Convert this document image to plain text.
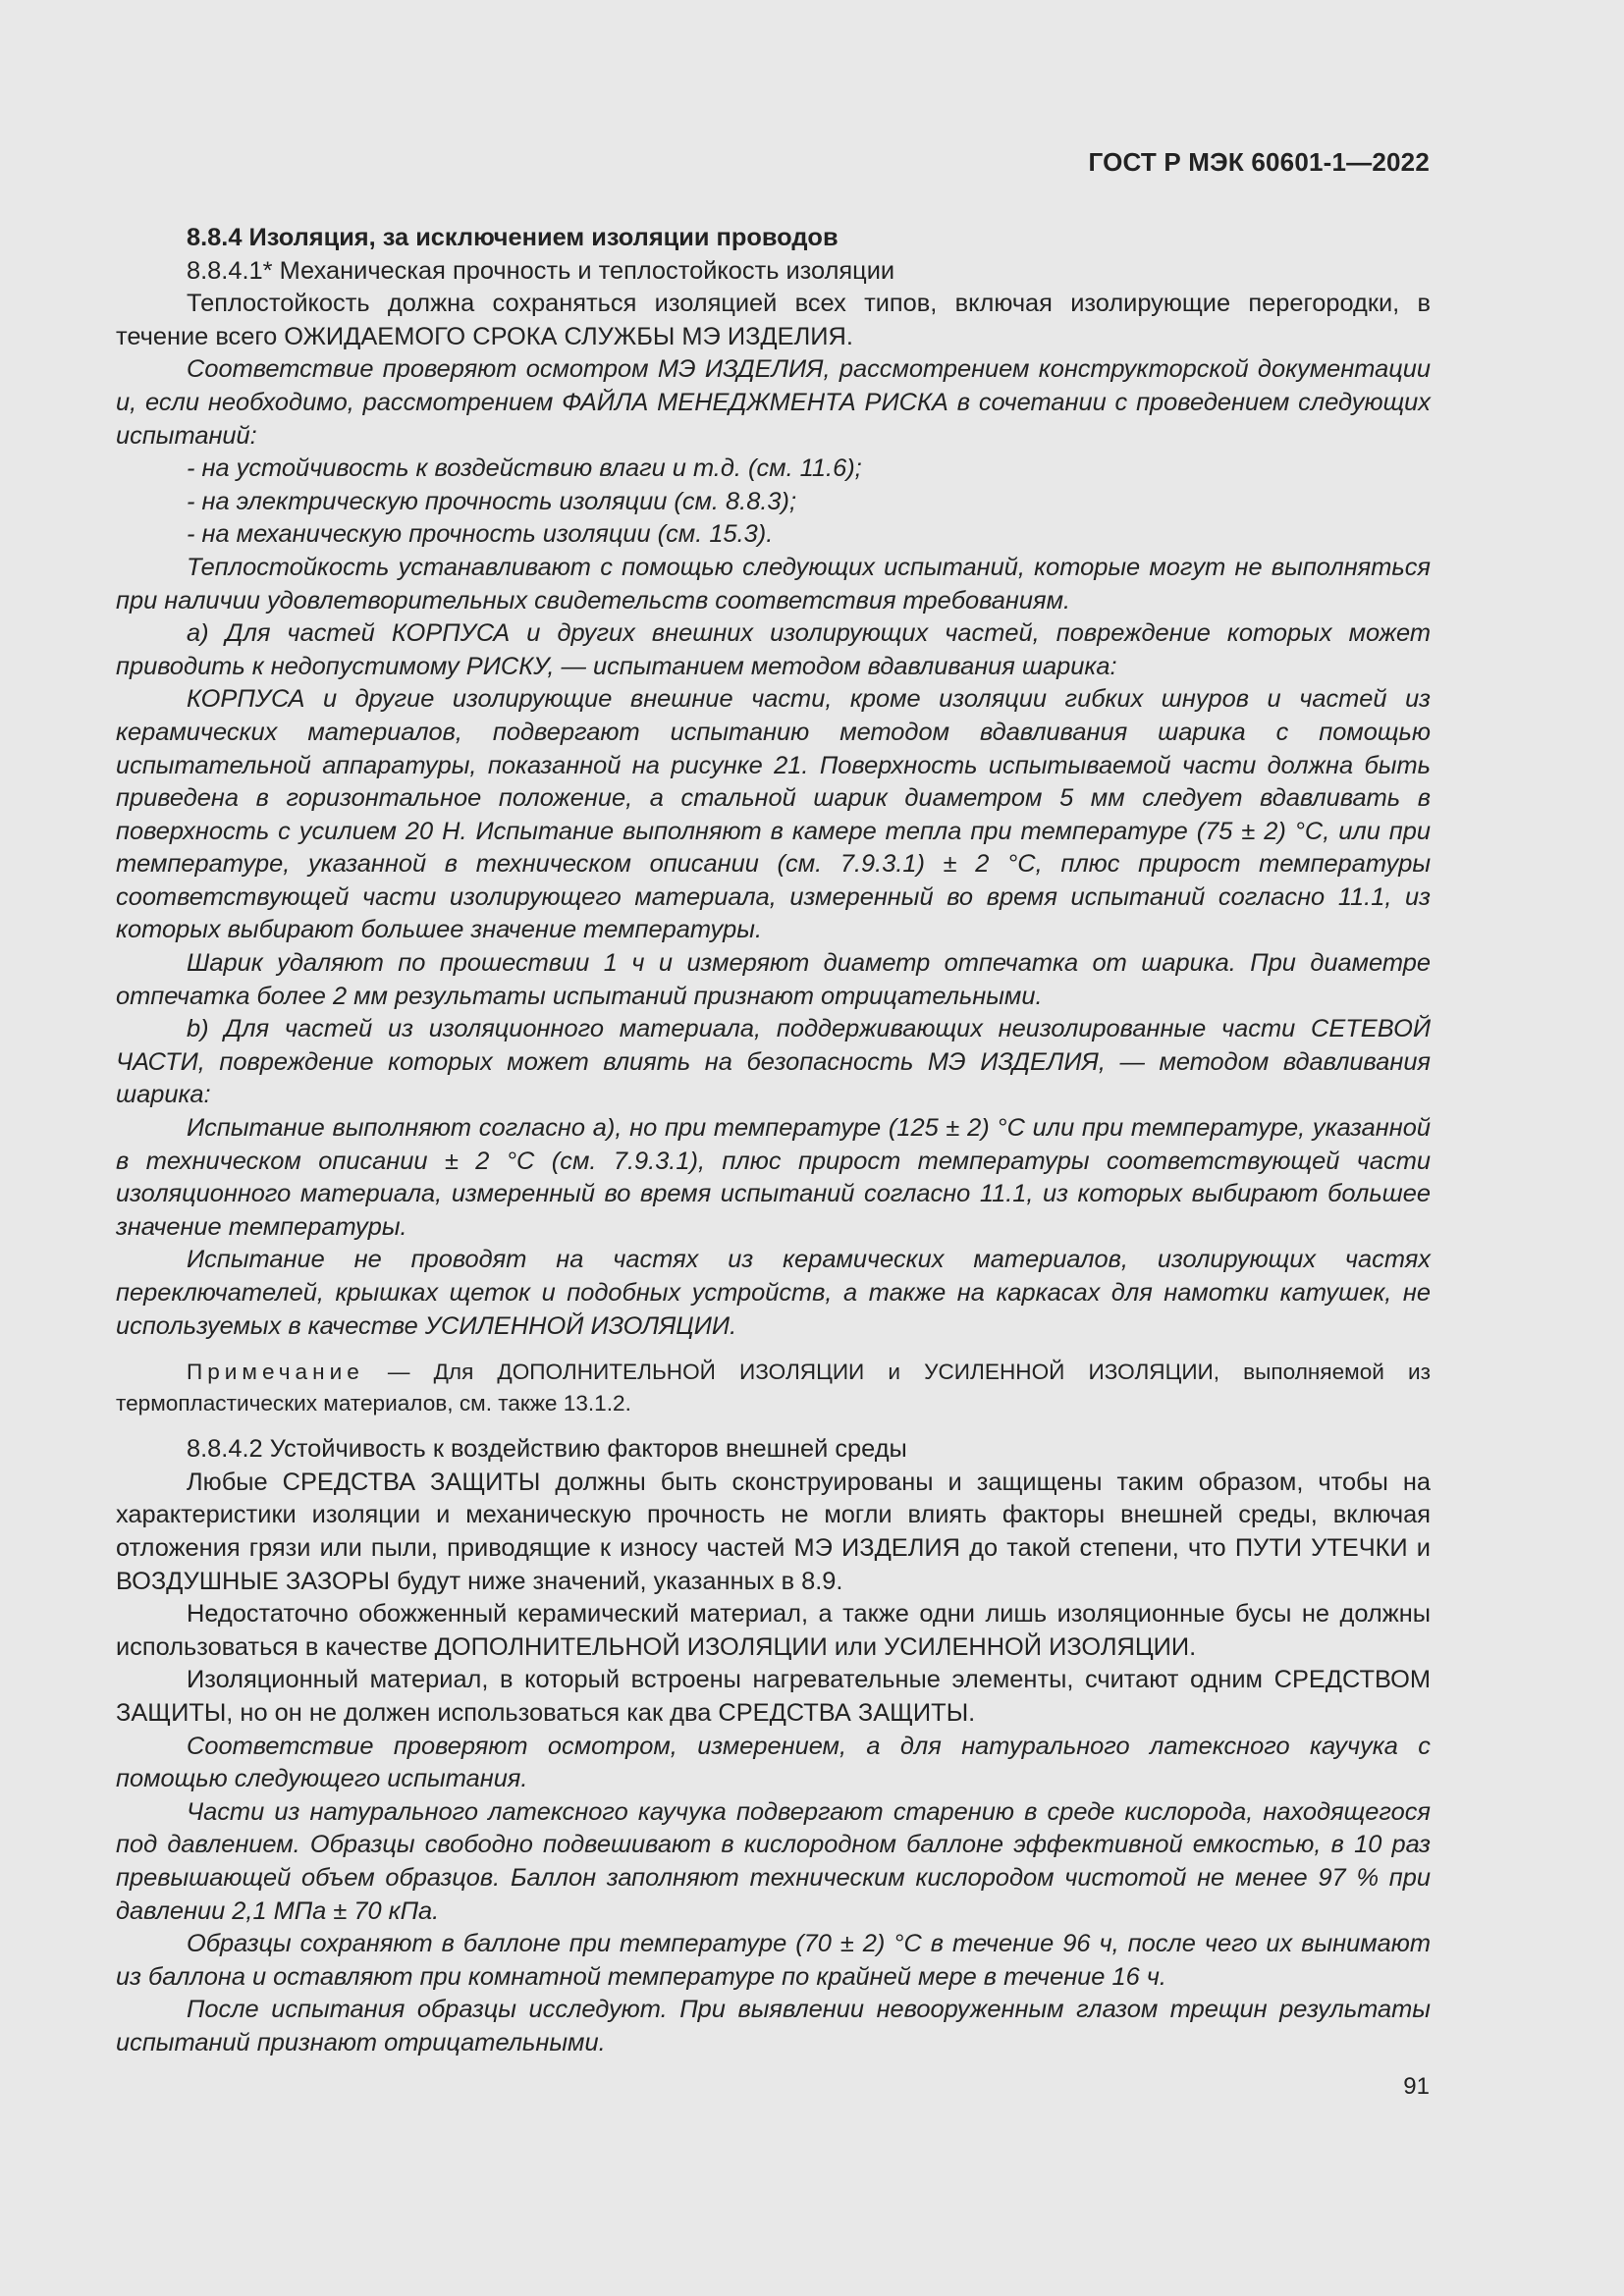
ГОСТ Р МЭК 60601-1—2022

8.8.4 Изоляция, за исключением изоляции проводов

8.8.4.1* Механическая прочность и теплостойкость изоляции

Теплостойкость должна сохраняться изоляцией всех типов, включая изолирующие перегородки, в течение всего ОЖИДАЕМОГО СРОКА СЛУЖБЫ МЭ ИЗДЕЛИЯ.

Соответствие проверяют осмотром МЭ ИЗДЕЛИЯ, рассмотрением конструкторской документации и, если необходимо, рассмотрением ФАЙЛА МЕНЕДЖМЕНТА РИСКА в сочетании с проведением следующих испытаний:

- на устойчивость к воздействию влаги и т.д. (см. 11.6);

- на электрическую прочность изоляции (см. 8.8.3);

- на механическую прочность изоляции (см. 15.3).

Теплостойкость устанавливают с помощью следующих испытаний, которые могут не выполняться при наличии удовлетворительных свидетельств соответствия требованиям.

a) Для частей КОРПУСА и других внешних изолирующих частей, повреждение которых может приводить к недопустимому РИСКУ, — испытанием методом вдавливания шарика:

КОРПУСА и другие изолирующие внешние части, кроме изоляции гибких шнуров и частей из керамических материалов, подвергают испытанию методом вдавливания шарика с помощью испытательной аппаратуры, показанной на рисунке 21. Поверхность испытываемой части должна быть приведена в горизонтальное положение, а стальной шарик диаметром 5 мм следует вдавливать в поверхность с усилием 20 Н. Испытание выполняют в камере тепла при температуре (75 ± 2) °С, или при температуре, указанной в техническом описании (см. 7.9.3.1) ± 2 °С, плюс прирост температуры соответствующей части изолирующего материала, измеренный во время испытаний согласно 11.1, из которых выбирают большее значение температуры.

Шарик удаляют по прошествии 1 ч и измеряют диаметр отпечатка от шарика. При диаметре отпечатка более 2 мм результаты испытаний признают отрицательными.

b) Для частей из изоляционного материала, поддерживающих неизолированные части СЕТЕВОЙ ЧАСТИ, повреждение которых может влиять на безопасность МЭ ИЗДЕЛИЯ, — методом вдавливания шарика:

Испытание выполняют согласно а), но при температуре (125 ± 2) °С или при температуре, указанной в техническом описании ± 2 °С (см. 7.9.3.1), плюс прирост температуры соответствующей части изоляционного материала, измеренный во время испытаний согласно 11.1, из которых выбирают большее значение температуры.

Испытание не проводят на частях из керамических материалов, изолирующих частях переключателей, крышках щеток и подобных устройств, а также на каркасах для намотки катушек, не используемых в качестве УСИЛЕННОЙ ИЗОЛЯЦИИ.

Примечание — Для ДОПОЛНИТЕЛЬНОЙ ИЗОЛЯЦИИ и УСИЛЕННОЙ ИЗОЛЯЦИИ, выполняемой из термопластических материалов, см. также 13.1.2.

8.8.4.2 Устойчивость к воздействию факторов внешней среды

Любые СРЕДСТВА ЗАЩИТЫ должны быть сконструированы и защищены таким образом, чтобы на характеристики изоляции и механическую прочность не могли влиять факторы внешней среды, включая отложения грязи или пыли, приводящие к износу частей МЭ ИЗДЕЛИЯ до такой степени, что ПУТИ УТЕЧКИ и ВОЗДУШНЫЕ ЗАЗОРЫ будут ниже значений, указанных в 8.9.

Недостаточно обожженный керамический материал, а также одни лишь изоляционные бусы не должны использоваться в качестве ДОПОЛНИТЕЛЬНОЙ ИЗОЛЯЦИИ или УСИЛЕННОЙ ИЗОЛЯЦИИ.

Изоляционный материал, в который встроены нагревательные элементы, считают одним СРЕДСТВОМ ЗАЩИТЫ, но он не должен использоваться как два СРЕДСТВА ЗАЩИТЫ.

Соответствие проверяют осмотром, измерением, а для натурального латексного каучука с помощью следующего испытания.

Части из натурального латексного каучука подвергают старению в среде кислорода, находящегося под давлением. Образцы свободно подвешивают в кислородном баллоне эффективной емкостью, в 10 раз превышающей объем образцов. Баллон заполняют техническим кислородом чистотой не менее 97 % при давлении 2,1 МПа ± 70 кПа.

Образцы сохраняют в баллоне при температуре (70 ± 2) °С в течение 96 ч, после чего их вынимают из баллона и оставляют при комнатной температуре по крайней мере в течение 16 ч.

После испытания образцы исследуют. При выявлении невооруженным глазом трещин результаты испытаний признают отрицательными.

91
